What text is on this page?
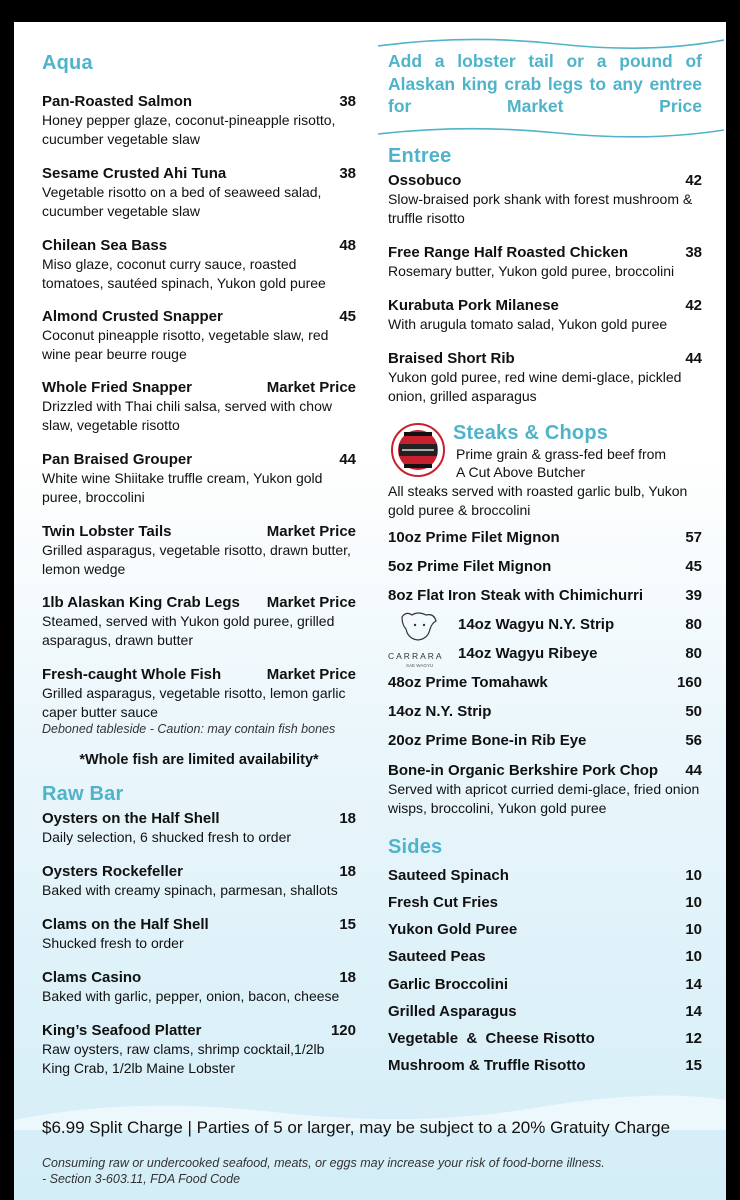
Aqua
Pan-Roasted Salmon	38
Honey pepper glaze, coconut-pineapple risotto, cucumber vegetable slaw
Sesame Crusted Ahi Tuna	38
Vegetable risotto on a bed of seaweed salad, cucumber vegetable slaw
Chilean Sea Bass	48
Miso glaze, coconut curry sauce, roasted tomatoes, sautéed spinach, Yukon gold puree
Almond Crusted Snapper	45
Coconut pineapple risotto, vegetable slaw, red wine pear beurre rouge
Whole Fried Snapper	Market Price
Drizzled with Thai chili salsa, served with chow slaw, vegetable risotto
Pan Braised Grouper	44
White wine Shiitake truffle cream, Yukon gold puree, broccolini
Twin Lobster Tails	Market Price
Grilled asparagus, vegetable risotto, drawn butter, lemon wedge
1lb Alaskan King Crab Legs Market Price
Steamed, served with Yukon gold puree, grilled asparagus, drawn butter
Fresh-caught Whole Fish	Market Price
Grilled asparagus, vegetable risotto, lemon garlic caper butter sauce
Deboned tableside - Caution: may contain fish bones
*Whole fish are limited availability*
Raw Bar
Oysters on the Half Shell	18
Daily selection, 6 shucked fresh to order
Oysters Rockefeller	18
Baked with creamy spinach, parmesan, shallots
Clams on the Half Shell	15
Shucked fresh to order
Clams Casino	18
Baked with garlic, pepper, onion, bacon, cheese
King’s Seafood Platter	120
Raw oysters, raw clams, shrimp cocktail,1/2lb King Crab, 1/2lb Maine Lobster
Add a lobster tail or a pound of Alaskan king crab legs to any entree for Market Price
Entree
Ossobuco	42
Slow-braised pork shank with forest mushroom & truffle risotto
Free Range Half Roasted Chicken	38
Rosemary butter, Yukon gold puree, broccolini
Kurabuta Pork Milanese	42
With arugula tomato salad, Yukon gold puree
Braised Short Rib	44
Yukon gold puree, red wine demi-glace, pickled onion, grilled asparagus
Steaks & Chops
Prime grain & grass-fed beef from
A Cut Above Butcher
All steaks served with roasted garlic bulb, Yukon gold puree & broccolini
10oz Prime Filet Mignon	57
5oz Prime Filet Mignon	45
8oz Flat Iron Steak with Chimichurri	39
CARRARA
SAE WAGYU
14oz Wagyu N.Y. Strip	80
14oz Wagyu Ribeye	80
48oz Prime Tomahawk	160
14oz N.Y. Strip	50
20oz Prime Bone-in Rib Eye	56
Bone-in Organic Berkshire Pork Chop 44
Served with apricot curried demi-glace, fried onion wisps, broccolini, Yukon gold puree
Sides
Sauteed Spinach	10
Fresh Cut Fries	10
Yukon Gold Puree	10
Sauteed Peas	10
Garlic Broccolini	14
Grilled Asparagus	14
Vegetable  &  Cheese Risotto	12
Mushroom & Truffle Risotto	15
$6.99 Split Charge | Parties of 5 or larger, may be subject to a 20% Gratuity Charge
Consuming raw or undercooked seafood, meats, or eggs may increase your risk of food-borne illness.
- Section 3-603.11, FDA Food Code
